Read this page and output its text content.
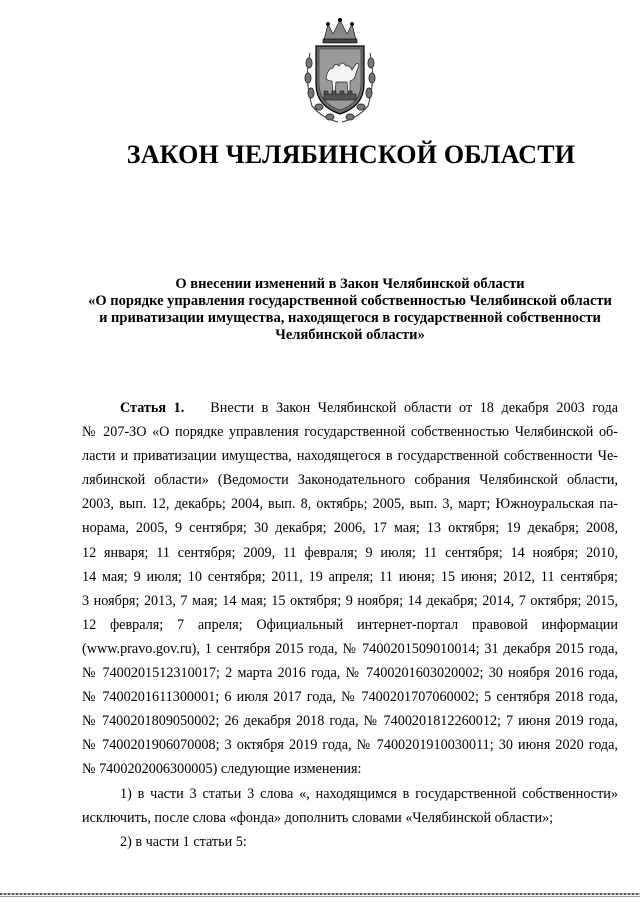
ЗАКОН ЧЕЛЯБИНСКОЙ ОБЛАСТИ
О внесении изменений в Закон Челябинской области
«О порядке управления государственной собственностью Челябинской области
и приватизации имущества, находящегося в государственной собственности
Челябинской области»
Статья 1. Внести в Закон Челябинской области от 18 декабря 2003 года
№ 207-ЗО «О порядке управления государственной собственностью Челябинской об-
ласти и приватизации имущества, находящегося в государственной собственности Че-
лябинской области» (Ведомости Законодательного собрания Челябинской области,
2003, вып. 12, декабрь; 2004, вып. 8, октябрь; 2005, вып. 3, март; Южноуральская па-
норама, 2005, 9 сентября; 30 декабря; 2006, 17 мая; 13 октября; 19 декабря; 2008,
12 января; 11 сентября; 2009, 11 февраля; 9 июля; 11 сентября; 14 ноября; 2010,
14 мая; 9 июля; 10 сентября; 2011, 19 апреля; 11 июня; 15 июня; 2012, 11 сентября;
3 ноября; 2013, 7 мая; 14 мая; 15 октября; 9 ноября; 14 декабря; 2014, 7 октября; 2015,
12 февраля; 7 апреля; Официальный интернет-портал правовой информации
(www.pravo.gov.ru), 1 сентября 2015 года, № 7400201509010014; 31 декабря 2015 года,
№ 7400201512310017; 2 марта 2016 года, № 7400201603020002; 30 ноября 2016 года,
№ 7400201611300001; 6 июля 2017 года, № 7400201707060002; 5 сентября 2018 года,
№ 7400201809050002; 26 декабря 2018 года, № 7400201812260012; 7 июня 2019 года,
№ 7400201906070008; 3 октября 2019 года, № 7400201910030011; 30 июня 2020 года,
№ 7400202006300005) следующие изменения:
1) в части 3 статьи 3 слова «, находящимся в государственной собственности»
исключить, после слова «фонда» дополнить словами «Челябинской области»;
2) в части 1 статьи 5:
